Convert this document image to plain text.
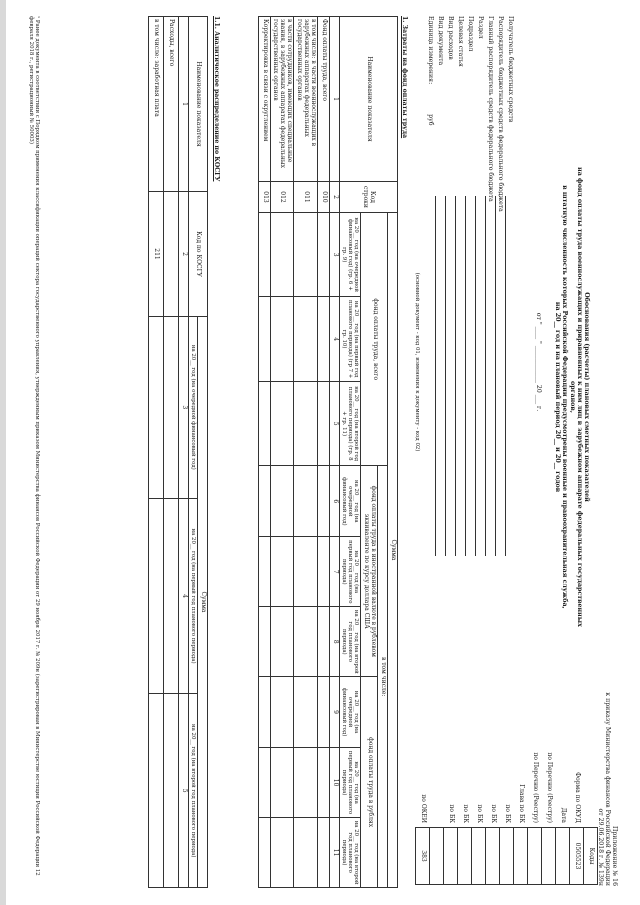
Приложение № 16
к приказу Министерства финансов Российской Федерации
от 29.06.2018 г. № 139н
Обоснования (расчеты) плановых сметных показателей
на фонд оплаты труда военнослужащих и приравненных к ним лиц в зарубежном аппарате федеральных государственных органов,
в штатную численность которых Российской Федерации предусмотрены военные и правоохранительная служба,
на 20__ год и на плановый период 20__ и 20__ годов
от " ____ " ____________ 20 ___ г.
	Коды
Форма по ОКУД	0505523
Дата	
по Перечню (Реестру)	
по Перечню (Реестру)	
Глава по БК	
по БК	
по БК	
по БК	
по БК	
по БК	

по ОКЕИ	383
Получатель бюджетных средств
Распорядитель бюджетных средств федерального бюджета
Главный распорядитель средств федерального бюджета
Раздел
Подраздел
Целевая статья
Вид расходов
Вид документа
Единица измерения:руб
(основной документ - код 01, изменения к документу - код 02)
1. Затраты на фонд оплаты труда
Наименование показателя	Код строки	Сумма								
		фонд оплаты труда, всего			в том числе:					
					фонд оплаты труда в иностранной валюте в рублевом эквиваленте по курсу доллара США			фонд оплаты труда в рублях		
		на 20__ год (на очередной финансовый год) (гр. 6 + гр. 9)	на 20__ год (на первый год планового периода) (гр 7 + гр. 10)	на 20__ год (на второй год планового периода) (гр. 8 + гр. 11)	на 20__ год (на очередной финансовый год)	на 20__ год (на первый год планового периода)	на 20__ год (на второй год планового периода)	на 20__ год (на очередной финансовый год)	на 20__ год (на первый год планового периода)	на 20__ год (на второй год планового периода)
1	2	3	4	5	6	7	8	9	10	11
Фонд оплаты труда, всего	010									
в том числе: в части военнослужащих в зарубежных аппаратах федеральных государственных органов	011									
в части сотрудников, имеющих специальные звания, в зарубежных аппаратах федеральных государственных органов	012									
Корректировка в связи с округлением	013									
1.1. Аналитическое распределение по КОСГУ
Наименование показателя	Код по КОСГУ	Сумма		
		на 20__ год (на очередной финансовый год)	на 20__ год (на первый год планового периода)	на 20__ год (на второй год планового периода)
1	2	3	4	5
Расходы, всего				
в том числе: заработная плата	211			
¹ Ранее документа в соответствии с Порядком применения классификации операций сектора государственного управления, утвержденным приказом Министерства финансов Российской Федерации от 29 ноября 2017 г. № 209н (зарегистрирован в Министерстве юстиции Российской Федерации 12 февраля 2018 г., регистрационный № 50003)
